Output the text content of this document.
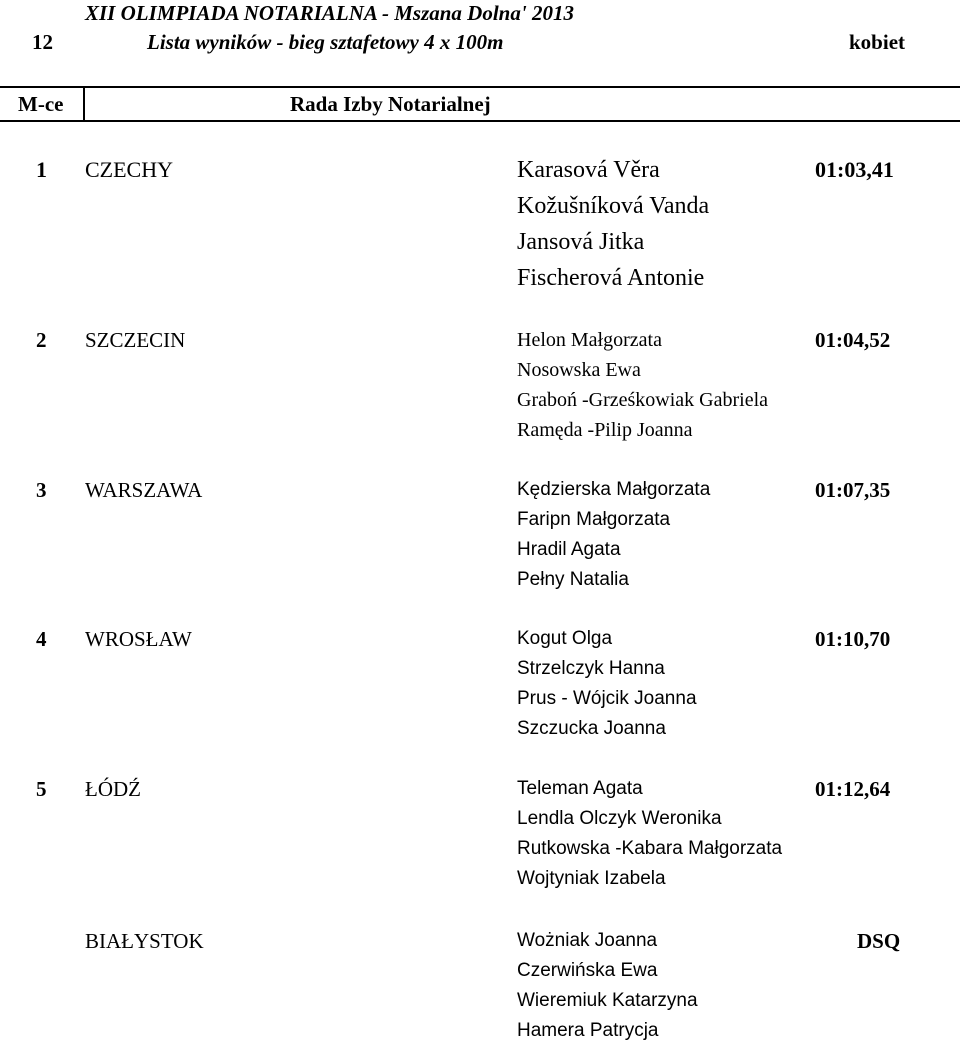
XII OLIMPIADA NOTARIALNA - Mszana Dolna' 2013
12	Lista wyników - bieg sztafetowy 4 x 100m	kobiet
M-ce	Rada Izby Notarialnej
1 CZECHY	Karasová Věra
Kožušníková Vanda
Jansová Jitka
Fischerová Antonie
01:03,41
2 SZCZECIN	Helon Małgorzata
Nosowska Ewa
Graboń -Grześkowiak Gabriela
Ramęda -Pilip Joanna
01:04,52
3 WARSZAWA	Kędzierska Małgorzata
Faripn Małgorzata
Hradil Agata
Pełny Natalia
01:07,35
4 WROSŁAW	Kogut Olga
Strzelczyk Hanna
Prus - Wójcik Joanna
Szczucka Joanna
01:10,70
5 ŁÓDŹ	Teleman Agata
Lendla Olczyk Weronika
Rutkowska -Kabara Małgorzata
Wojtyniak Izabela
01:12,64
BIAŁYSTOK	Wożniak Joanna
Czerwińska Ewa
Wieremiuk Katarzyna
Hamera Patrycja
DSQ
